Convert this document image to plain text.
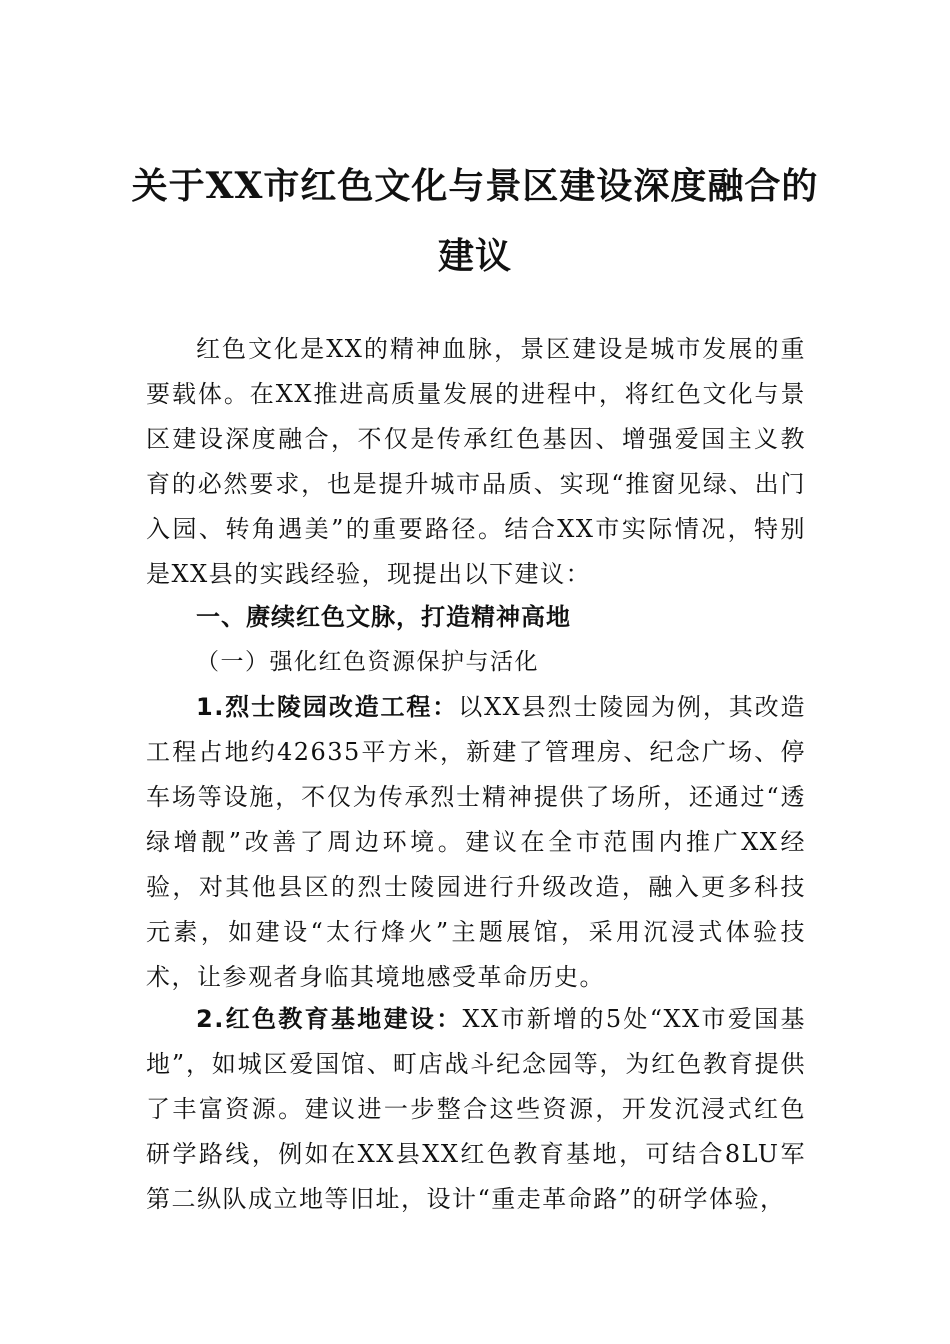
关于XX市红色文化与景区建设深度融合的
建议

红色文化是XX的精神血脉，景区建设是城市发展的重要载体。在XX推进高质量发展的进程中，将红色文化与景区建设深度融合，不仅是传承红色基因、增强爱国主义教育的必然要求，也是提升城市品质、实现“推窗见绿、出门入园、转角遇美”的重要路径。结合XX市实际情况，特别是XX县的实践经验，现提出以下建议：

一、赓续红色文脉，打造精神高地

（一）强化红色资源保护与活化

1.烈士陵园改造工程：以XX县烈士陵园为例，其改造工程占地约42635平方米，新建了管理房、纪念广场、停车场等设施，不仅为传承烈士精神提供了场所，还通过“透绿增靓”改善了周边环境。建议在全市范围内推广XX经验，对其他县区的烈士陵园进行升级改造，融入更多科技元素，如建设“太行烽火”主题展馆，采用沉浸式体验技术，让参观者身临其境地感受革命历史。

2.红色教育基地建设：XX市新增的5处“XX市爱国基地”，如城区爱国馆、町店战斗纪念园等，为红色教育提供了丰富资源。建议进一步整合这些资源，开发沉浸式红色研学路线，例如在XX县XX红色教育基地，可结合8LU军第二纵队成立地等旧址，设计“重走革命路”的研学体验，
